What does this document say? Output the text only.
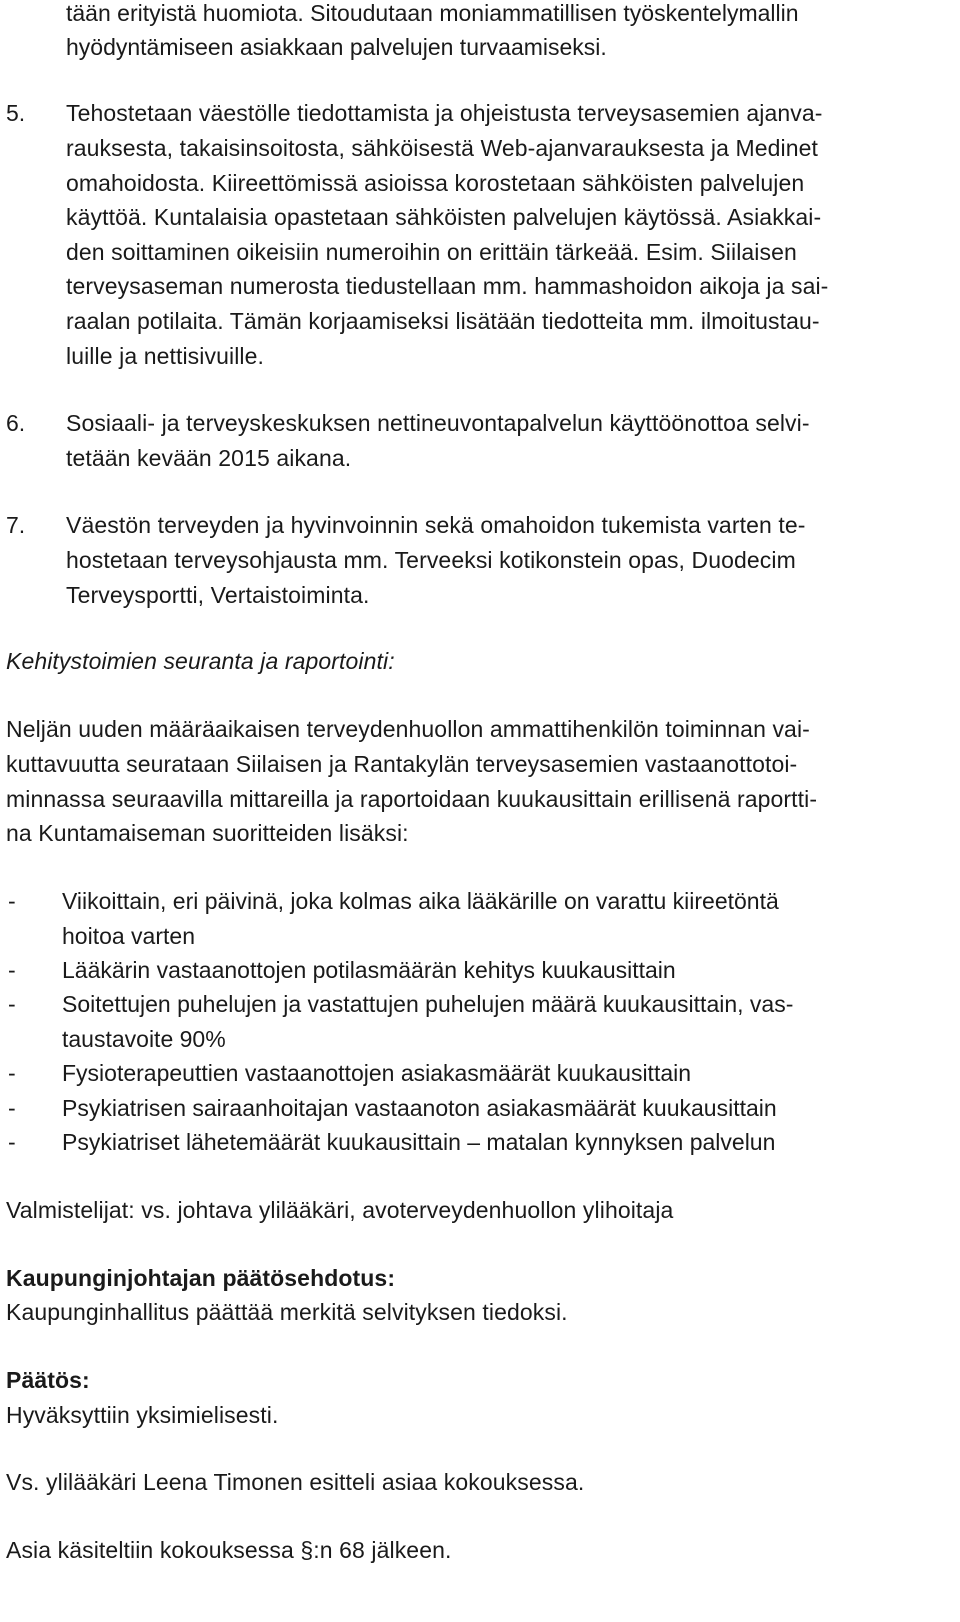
tään erityistä huomiota. Sitoudutaan moniammatillisen työskentelymallin
hyödyntämiseen asiakkaan palvelujen turvaamiseksi.
5. Tehostetaan väestölle tiedottamista ja ohjeistusta terveysasemien ajanva-
rauksesta, takaisinsoitosta, sähköisestä Web-ajanvarauksesta ja Medinet
omahoidosta. Kiireettömissä asioissa korostetaan sähköisten palvelujen
käyttöä. Kuntalaisia opastetaan sähköisten palvelujen käytössä. Asiakkai-
den soittaminen oikeisiin numeroihin on erittäin tärkeää. Esim. Siilaisen
terveysaseman numerosta tiedustellaan mm. hammashoidon aikoja ja sai-
raalan potilaita. Tämän korjaamiseksi lisätään tiedotteita mm. ilmoitustau-
luille ja nettisivuille.
6. Sosiaali- ja terveyskeskuksen nettineuvontapalvelun käyttöönottoa selvi-
tetään kevään 2015 aikana.
7. Väestön terveyden ja hyvinvoinnin sekä omahoidon tukemista varten te-
hostetaan terveysohjausta mm. Terveeksi kotikonstein opas, Duodecim
Terveysportti, Vertaistoiminta.
Kehitystoimien seuranta ja raportointi:
Neljän uuden määräaikaisen terveydenhuollon ammattihenkilön toiminnan vai-
kuttavuutta seurataan Siilaisen ja Rantakylän terveysasemien vastaanottotoi-
minnassa seuraavilla mittareilla ja raportoidaan kuukausittain erillisenä raportti-
na Kuntamaiseman suoritteiden lisäksi:
- Viikoittain, eri päivinä, joka kolmas aika lääkärille on varattu kiireetöntä
hoitoa varten
- Lääkärin vastaanottojen potilasmäärän kehitys kuukausittain
- Soitettujen puhelujen ja vastattujen puhelujen määrä kuukausittain, vas-
taustavoite 90%
- Fysioterapeuttien vastaanottojen asiakasmäärät kuukausittain
- Psykiatrisen sairaanhoitajan vastaanoton asiakasmäärät kuukausittain
- Psykiatriset lähetemäärät kuukausittain – matalan kynnyksen palvelun
Valmistelijat: vs. johtava ylilääkäri, avoterveydenhuollon ylihoitaja
Kaupunginjohtajan päätösehdotus:
Kaupunginhallitus päättää merkitä selvityksen tiedoksi.
Päätös:
Hyväksyttiin yksimielisesti.
Vs. ylilääkäri Leena Timonen esitteli asiaa kokouksessa.
Asia käsiteltiin kokouksessa §:n 68 jälkeen.
